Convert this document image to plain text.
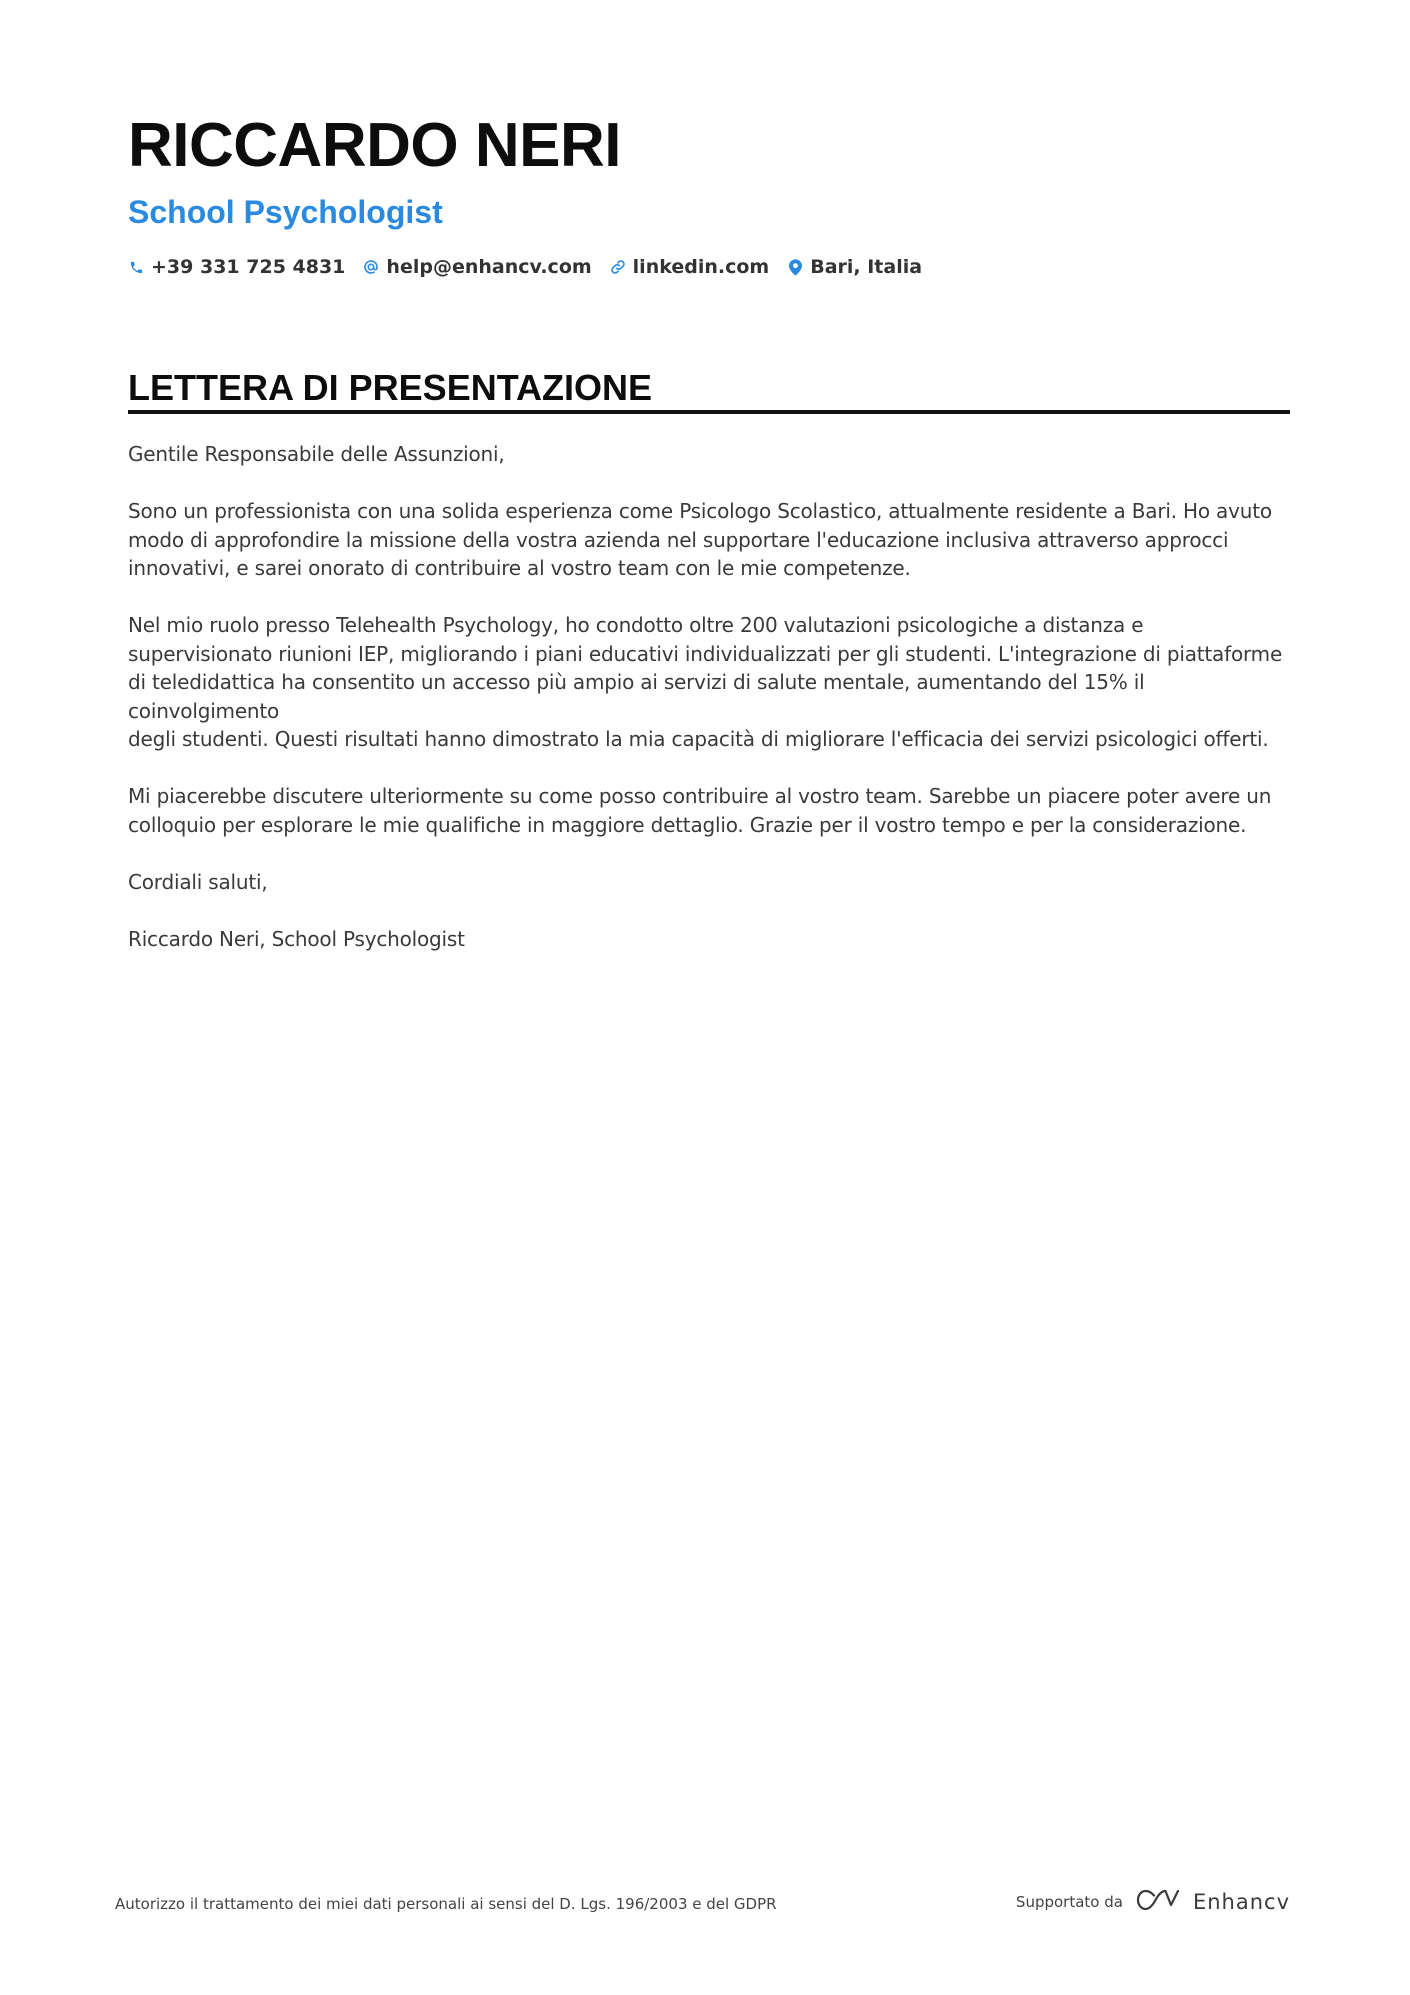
RICCARDO NERI
School Psychologist
+39 331 725 4831 help@enhancv.com linkedin.com Bari, Italia
LETTERA DI PRESENTAZIONE

Gentile Responsabile delle Assunzioni,

Sono un professionista con una solida esperienza come Psicologo Scolastico, attualmente residente a Bari. Ho avuto
modo di approfondire la missione della vostra azienda nel supportare l'educazione inclusiva attraverso approcci
innovativi, e sarei onorato di contribuire al vostro team con le mie competenze.

Nel mio ruolo presso Telehealth Psychology, ho condotto oltre 200 valutazioni psicologiche a distanza e
supervisionato riunioni IEP, migliorando i piani educativi individualizzati per gli studenti. L'integrazione di piattaforme
di teledidattica ha consentito un accesso più ampio ai servizi di salute mentale, aumentando del 15% il coinvolgimento
degli studenti. Questi risultati hanno dimostrato la mia capacità di migliorare l'efficacia dei servizi psicologici offerti.

Mi piacerebbe discutere ulteriormente su come posso contribuire al vostro team. Sarebbe un piacere poter avere un
colloquio per esplorare le mie qualifiche in maggiore dettaglio. Grazie per il vostro tempo e per la considerazione.

Cordiali saluti,

Riccardo Neri, School Psychologist

Autorizzo il trattamento dei miei dati personali ai sensi del D. Lgs. 196/2003 e del GDPR	Supportato da	Enhancv
